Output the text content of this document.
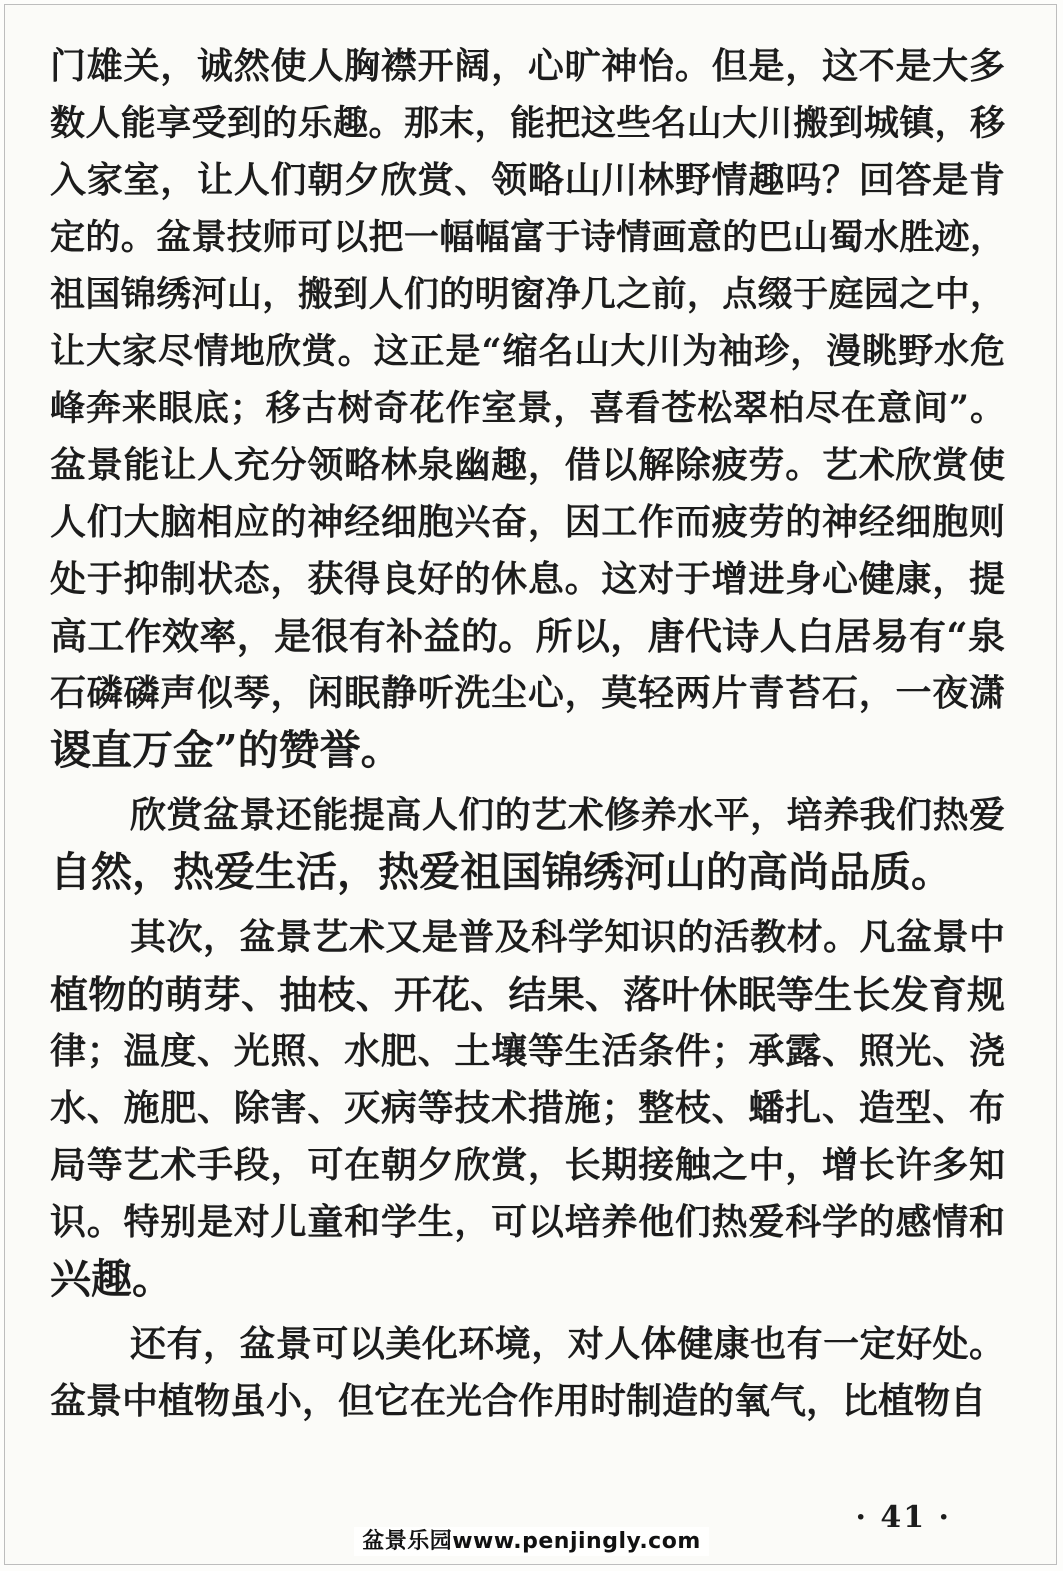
门雄关，诚然使人胸襟开阔，心旷神怡。但是，这不是大多
数人能享受到的乐趣。那末，能把这些名山大川搬到城镇，移
入家室，让人们朝夕欣赏、领略山川林野情趣吗？回答是肯
定的。盆景技师可以把一幅幅富于诗情画意的巴山蜀水胜迹，
祖国锦绣河山，搬到人们的明窗净几之前，点缀于庭园之中，
让大家尽情地欣赏。这正是“缩名山大川为袖珍，漫眺野水危
峰奔来眼底；移古树奇花作室景，喜看苍松翠柏尽在意间”。
盆景能让人充分领略林泉幽趣，借以解除疲劳。艺术欣赏使
人们大脑相应的神经细胞兴奋，因工作而疲劳的神经细胞则
处于抑制状态，获得良好的休息。这对于增进身心健康，提
高工作效率，是很有补益的。所以，唐代诗人白居易有“泉
石磷磷声似琴，闲眠静听洗尘心，莫轻两片青苔石，一夜潇
谡直万金”的赞誉。
欣赏盆景还能提高人们的艺术修养水平，培养我们热爱
自然，热爱生活，热爱祖国锦绣河山的高尚品质。
其次，盆景艺术又是普及科学知识的活教材。凡盆景中
植物的萌芽、抽枝、开花、结果、落叶休眠等生长发育规
律；温度、光照、水肥、土壤等生活条件；承露、照光、浇
水、施肥、除害、灭病等技术措施；整枝、蟠扎、造型、布
局等艺术手段，可在朝夕欣赏，长期接触之中，增长许多知
识。特别是对儿童和学生，可以培养他们热爱科学的感情和
兴趣。
还有，盆景可以美化环境，对人体健康也有一定好处。
盆景中植物虽小，但它在光合作用时制造的氧气，比植物自
· 41 ·
盆景乐园www.penjingly.com
